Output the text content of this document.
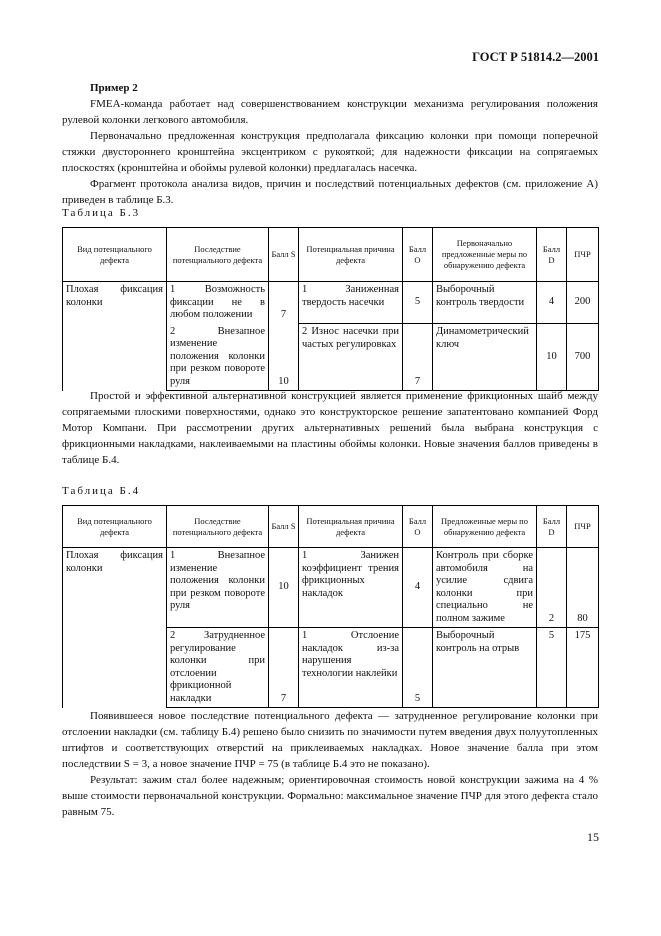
ГОСТ Р 51814.2—2001

Пример 2

FMEA-команда работает над совершенствованием конструкции механизма регулирования положения рулевой колонки легкового автомобиля.

Первоначально предложенная конструкция предполагала фиксацию колонки при помощи поперечной стяжки двустороннего кронштейна эксцентриком с рукояткой; для надежности фиксации на сопрягаемых плоскостях (кронштейна и обоймы рулевой колонки) предлагалась насечка.

Фрагмент протокола анализа видов, причин и последствий потенциальных дефектов (см. приложение А) приведен в таблице Б.3.

Таблица Б.3
Вид потенциального дефекта	Последствие потенциального дефекта	Балл S	Потенциальная причина дефекта	Балл O	Первоначально предложенные меры по обнаружению дефекта	Балл D	ПЧР
Плохая фиксация колонки	1 Возможность фиксации не в любом положении	7	1 Заниженная твердость насечки	5	Выборочный контроль твердости	4	200
	2 Внезапное изменение положения колонки при резком повороте руля	10	2 Износ насечки при частых регулировках	7	Динамометрический ключ	10	700

Простой и эффективной альтернативной конструкцией является применение фрикционных шайб между сопрягаемыми плоскими поверхностями, однако это конструкторское решение запатентовано компанией Форд Мотор Компани. При рассмотрении других альтернативных решений была выбрана конструкция с фрикционными накладками, наклеиваемыми на пластины обоймы колонки. Новые значения баллов приведены в таблице Б.4.

Таблица Б.4
Вид потенциального дефекта	Последствие потенциального дефекта	Балл S	Потенциальная причина дефекта	Балл O	Предложенные меры по обнаружению дефекта	Балл D	ПЧР
Плохая фиксация колонки	1 Внезапное изменение положения колонки при резком повороте руля	10	1 Занижен коэффициент трения фрикционных накладок	4	Контроль при сборке автомобиля на усилие сдвига колонки при специально не полном зажиме	2	80
	2 Затрудненное регулирование колонки при отслоении фрикционной накладки	7	1 Отслоение накладок из-за нарушения технологии наклейки	5	Выборочный контроль на отрыв	5	175

Появившееся новое последствие потенциального дефекта — затрудненное регулирование колонки при отслоении накладки (см. таблицу Б.4) решено было снизить по значимости путем введения двух полуутопленных штифтов и соответствующих отверстий на приклеиваемых накладках. Новое значение балла при этом последствии S = 3, а новое значение ПЧР = 75 (в таблице Б.4 это не показано).

Результат: зажим стал более надежным; ориентировочная стоимость новой конструкции зажима на 4 % выше стоимости первоначальной конструкции. Формально: максимальное значение ПЧР для этого дефекта стало равным 75.

15
